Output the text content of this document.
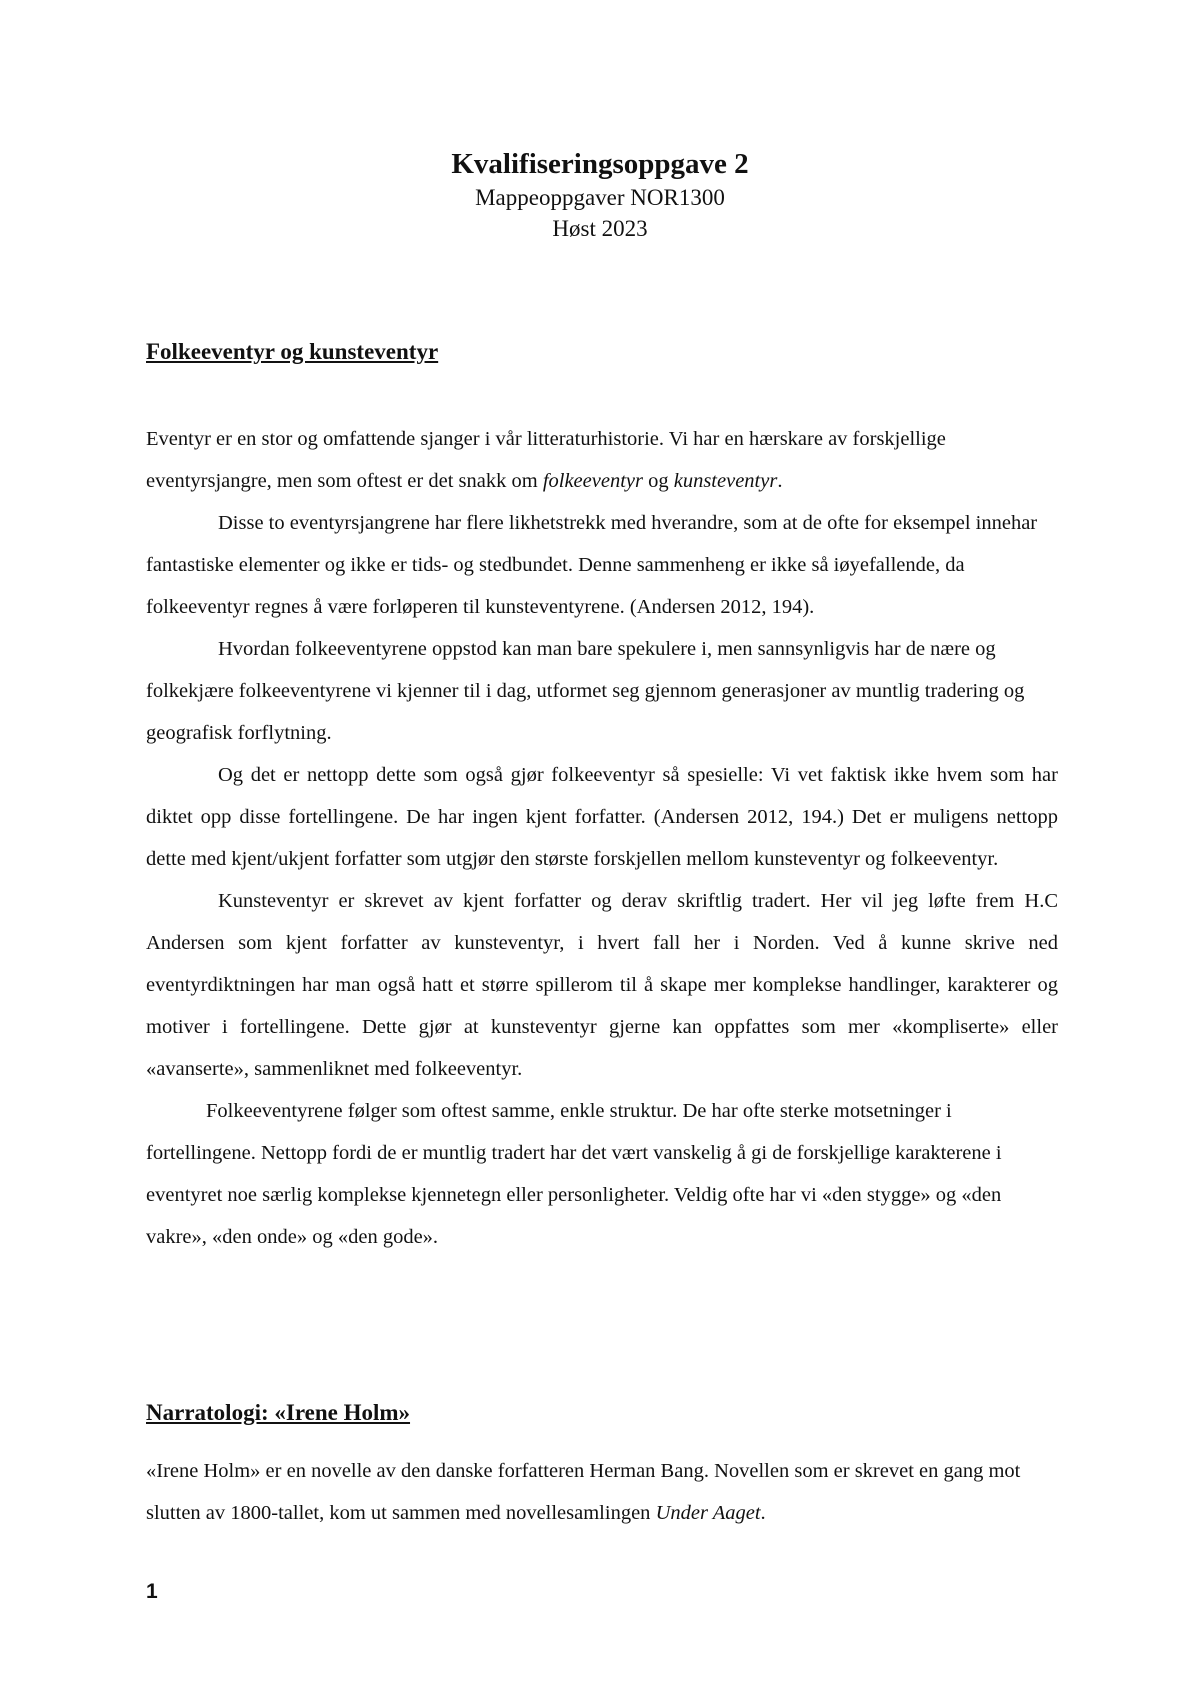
Kvalifiseringsoppgave 2
Mappeoppgaver NOR1300
Høst 2023
Folkeeventyr og kunsteventyr

Eventyr er en stor og omfattende sjanger i vår litteraturhistorie. Vi har en hærskare av forskjellige eventyrsjangre, men som oftest er det snakk om folkeeventyr og kunsteventyr.

Disse to eventyrsjangrene har flere likhetstrekk med hverandre, som at de ofte for eksempel innehar fantastiske elementer og ikke er tids- og stedbundet. Denne sammenheng er ikke så iøyefallende, da folkeeventyr regnes å være forløperen til kunsteventyrene. (Andersen 2012, 194).

Hvordan folkeeventyrene oppstod kan man bare spekulere i, men sannsynligvis har de nære og folkekjære folkeeventyrene vi kjenner til i dag, utformet seg gjennom generasjoner av muntlig tradering og geografisk forflytning.

Og det er nettopp dette som også gjør folkeeventyr så spesielle: Vi vet faktisk ikke hvem som har diktet opp disse fortellingene. De har ingen kjent forfatter. (Andersen 2012, 194.) Det er muligens nettopp dette med kjent/ukjent forfatter som utgjør den største forskjellen mellom kunsteventyr og folkeeventyr.

Kunsteventyr er skrevet av kjent forfatter og derav skriftlig tradert. Her vil jeg løfte frem H.C Andersen som kjent forfatter av kunsteventyr, i hvert fall her i Norden. Ved å kunne skrive ned eventyrdiktningen har man også hatt et større spillerom til å skape mer komplekse handlinger, karakterer og motiver i fortellingene. Dette gjør at kunsteventyr gjerne kan oppfattes som mer «kompliserte» eller «avanserte», sammenliknet med folkeeventyr.

Folkeeventyrene følger som oftest samme, enkle struktur. De har ofte sterke motsetninger i fortellingene. Nettopp fordi de er muntlig tradert har det vært vanskelig å gi de forskjellige karakterene i eventyret noe særlig komplekse kjennetegn eller personligheter. Veldig ofte har vi «den stygge» og «den vakre», «den onde» og «den gode».

Narratologi: «Irene Holm»

«Irene Holm» er en novelle av den danske forfatteren Herman Bang. Novellen som er skrevet en gang mot slutten av 1800-tallet, kom ut sammen med novellesamlingen Under Aaget.

1
